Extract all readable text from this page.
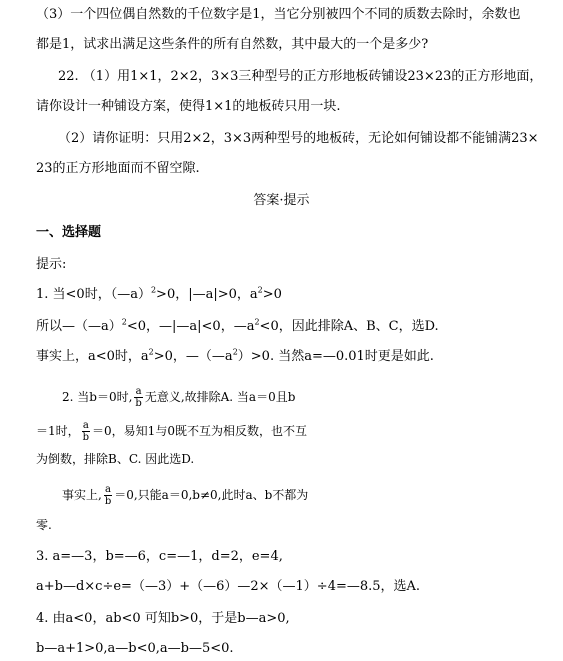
（3）一个四位偶自然数的千位数字是1，当它分别被四个不同的质数去除时，余数也
都是1，试求出满足这些条件的所有自然数，其中最大的一个是多少?
22. （1）用1×1，2×2，3×3三种型号的正方形地板砖铺设23×23的正方形地面，
请你设计一种铺设方案，使得1×1的地板砖只用一块.
（2）请你证明：只用2×2，3×3两种型号的地板砖，无论如何铺设都不能铺满23×
23的正方形地面而不留空隙.
答案·提示
一、选择题
提示:
1. 当<0时，（—a）$^2$>0，|—a|>0，$a^2>0$
所以—（—a）$^2$<0，—|—a|<0，$—a^2<0$，因此排除A、B、C，选D.
事实上，a<0时，$a^2>0$，$—(—a^2)>0$. 当然a=—0.01时更是如此.
2. 当b＝0时, $\frac{a}{b}$ 无意义,故排除A. 当a＝0且b
＝1时， $\frac{a}{b} =0$，易知1与0既不互为相反数，也不互
为倒数，排除B、C. 因此选D.
事实上, $\frac{a}{b} =0$,只能a＝0,b≠0,此时a、b不都为
零.
3. a=—3，b=—6，c=—1，d=2，e=4,
a+b—d×c÷e=（—3）+（—6）—2×（—1）÷4=—8.5，选A.
4. 由a<0，ab<0 可知b>0，于是b—a>0,
b—a+1>0,a—b<0,a—b—5<0.
